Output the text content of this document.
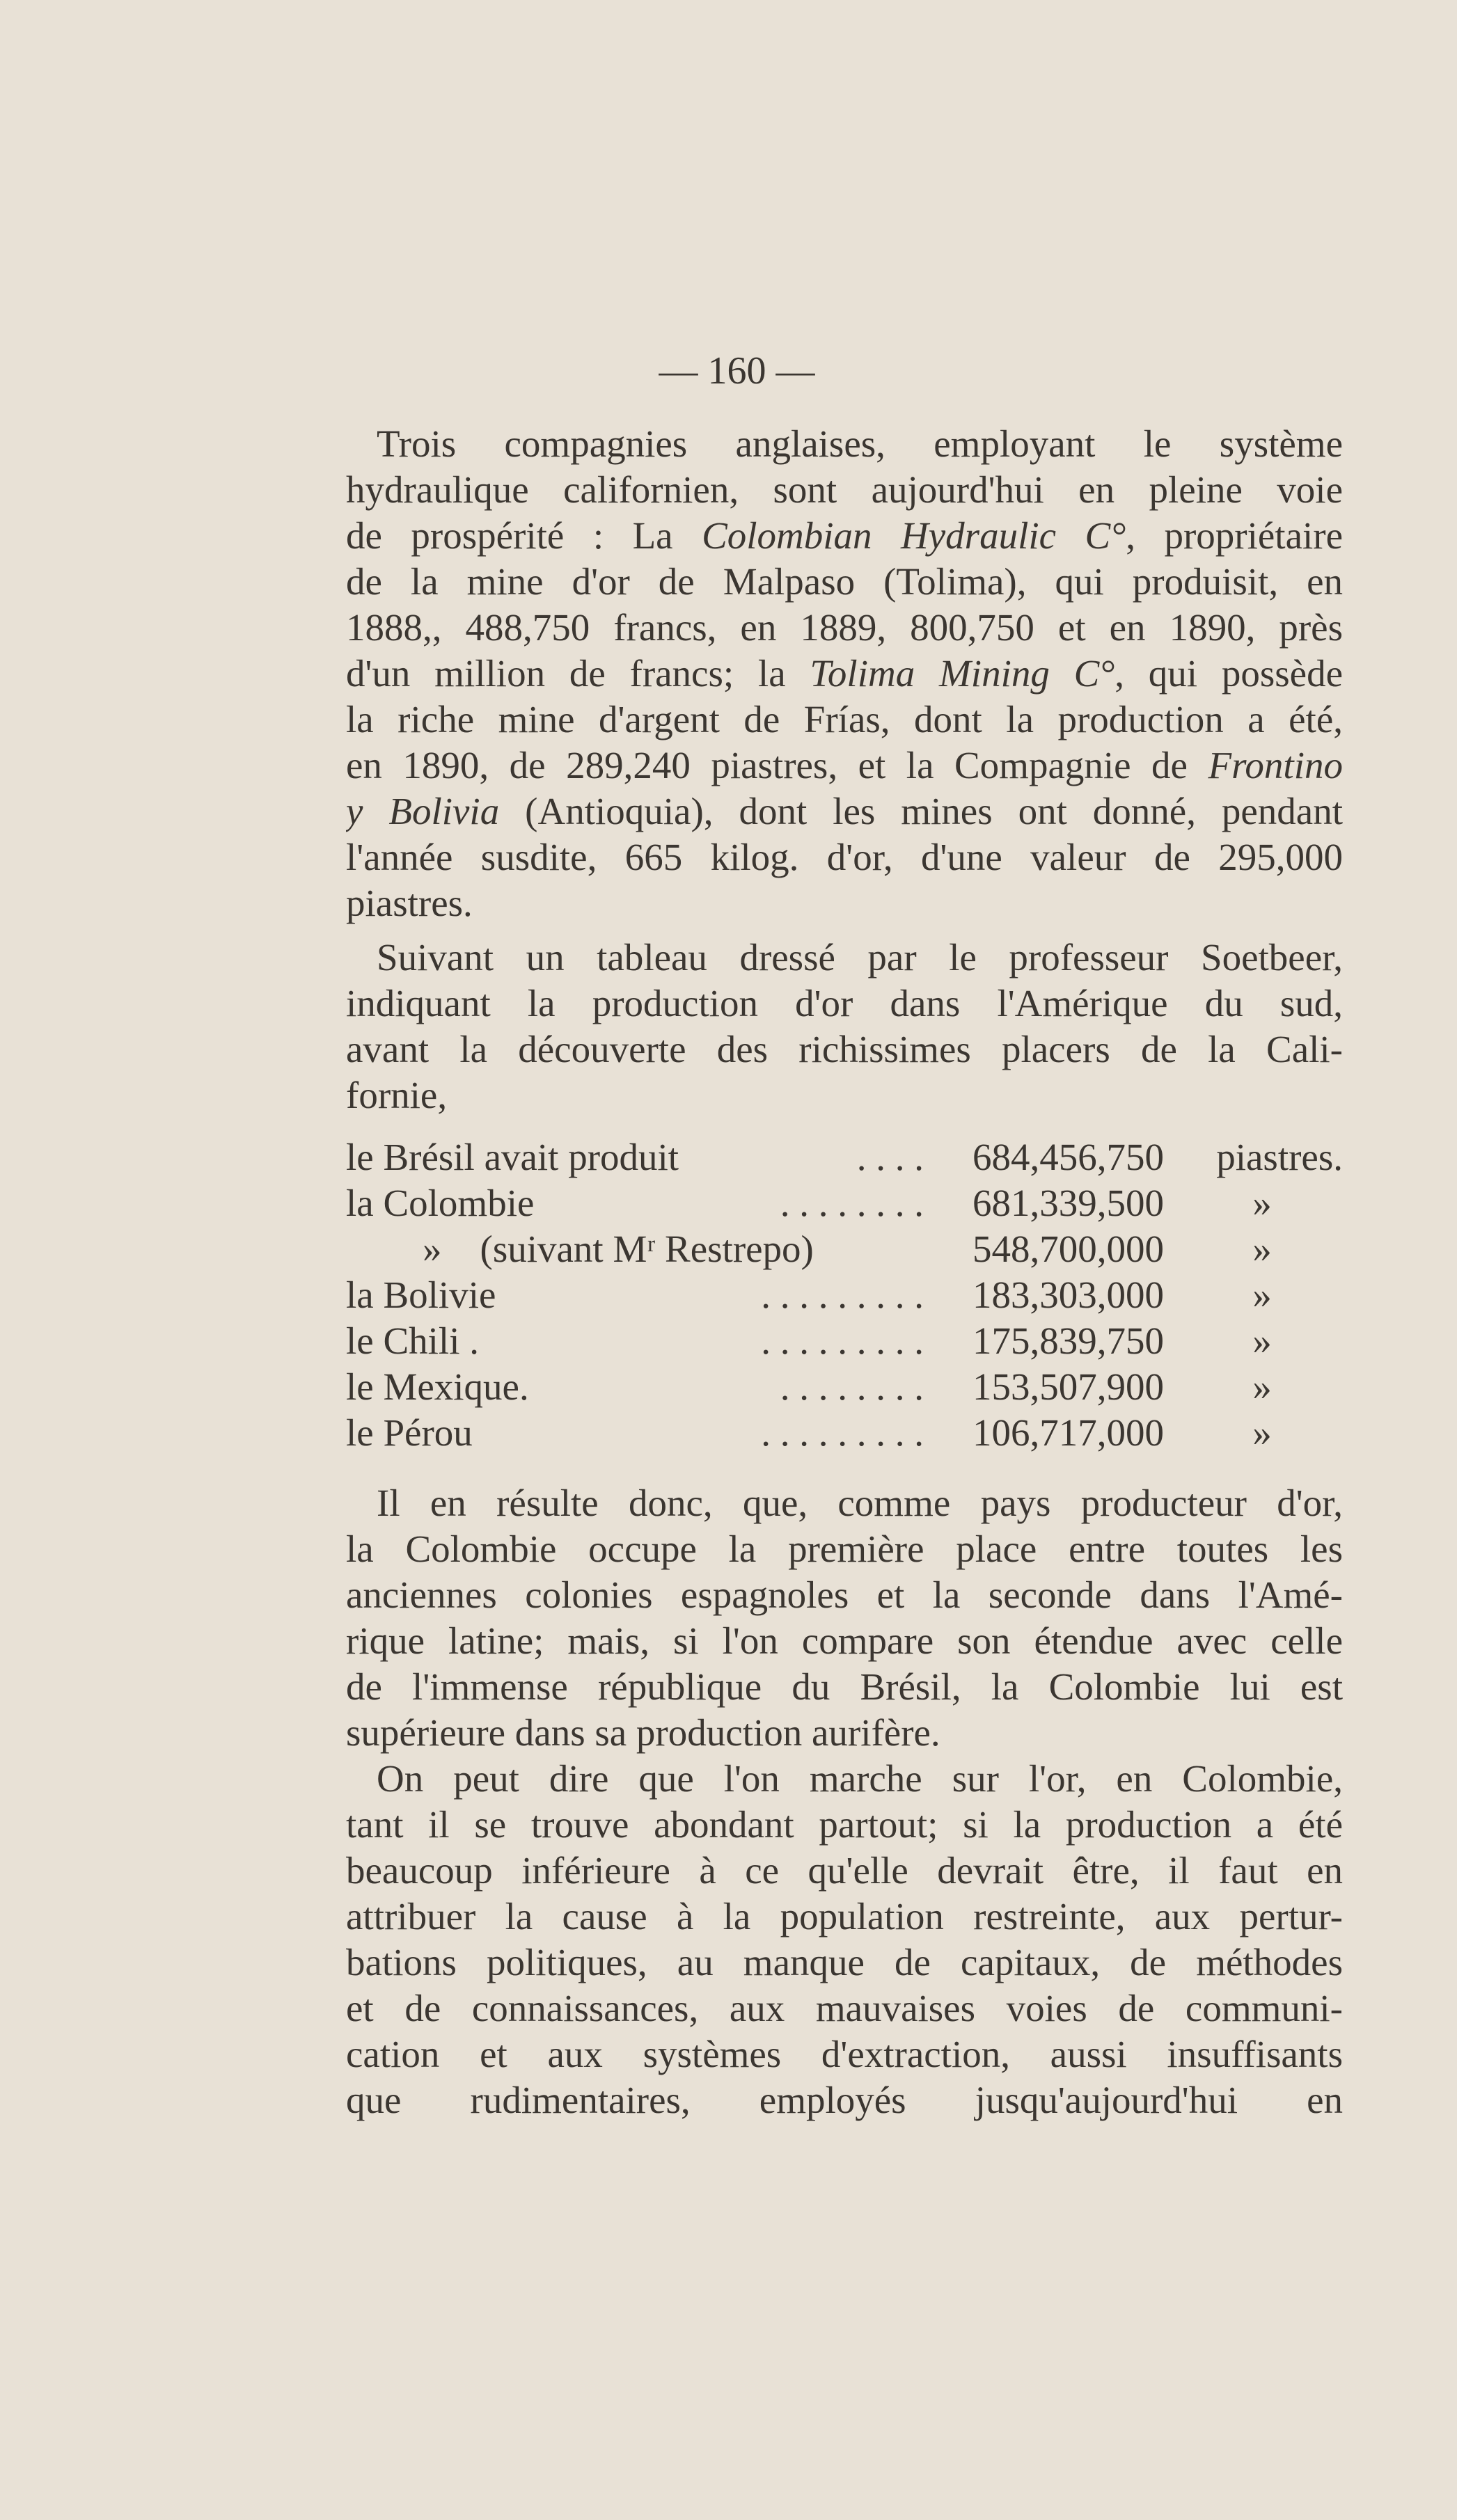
— 160 —
Trois compagnies anglaises, employant le système
hydraulique californien, sont aujourd'hui en pleine voie
de prospérité : La Colombian Hydraulic C°, propriétaire
de la mine d'or de Malpaso (Tolima), qui produisit, en
1888,, 488,750 francs, en 1889, 800,750 et en 1890, près
d'un million de francs; la Tolima Mining C°, qui possède
la riche mine d'argent de Frías, dont la production a été,
en 1890, de 289,240 piastres, et la Compagnie de Frontino
y Bolivia (Antioquia), dont les mines ont donné, pendant
l'année susdite, 665 kilog. d'or, d'une valeur de 295,000
piastres.
Suivant un tableau dressé par le professeur Soetbeer,
indiquant la production d'or dans l'Amérique du sud,
avant la découverte des richissimes placers de la Cali-
fornie,
le Brésil avait produit	. . . .	684,456,750	piastres.
la Colombie	. . . . . . . .	681,339,500	»
»    (suivant Mʳ Restrepo)	548,700,000	»
la Bolivie	. . . . . . . . .	183,303,000	»
le Chili .	. . . . . . . . .	175,839,750	»
le Mexique.	. . . . . . . .	153,507,900	»
le Pérou	. . . . . . . . .	106,717,000	»
Il en résulte donc, que, comme pays producteur d'or,
la Colombie occupe la première place entre toutes les
anciennes colonies espagnoles et la seconde dans l'Amé-
rique latine; mais, si l'on compare son étendue avec celle
de l'immense république du Brésil, la Colombie lui est
supérieure dans sa production aurifère.
On peut dire que l'on marche sur l'or, en Colombie,
tant il se trouve abondant partout; si la production a été
beaucoup inférieure à ce qu'elle devrait être, il faut en
attribuer la cause à la population restreinte, aux pertur-
bations politiques, au manque de capitaux, de méthodes
et de connaissances, aux mauvaises voies de communi-
cation et aux systèmes d'extraction, aussi insuffisants
que rudimentaires, employés jusqu'aujourd'hui en
